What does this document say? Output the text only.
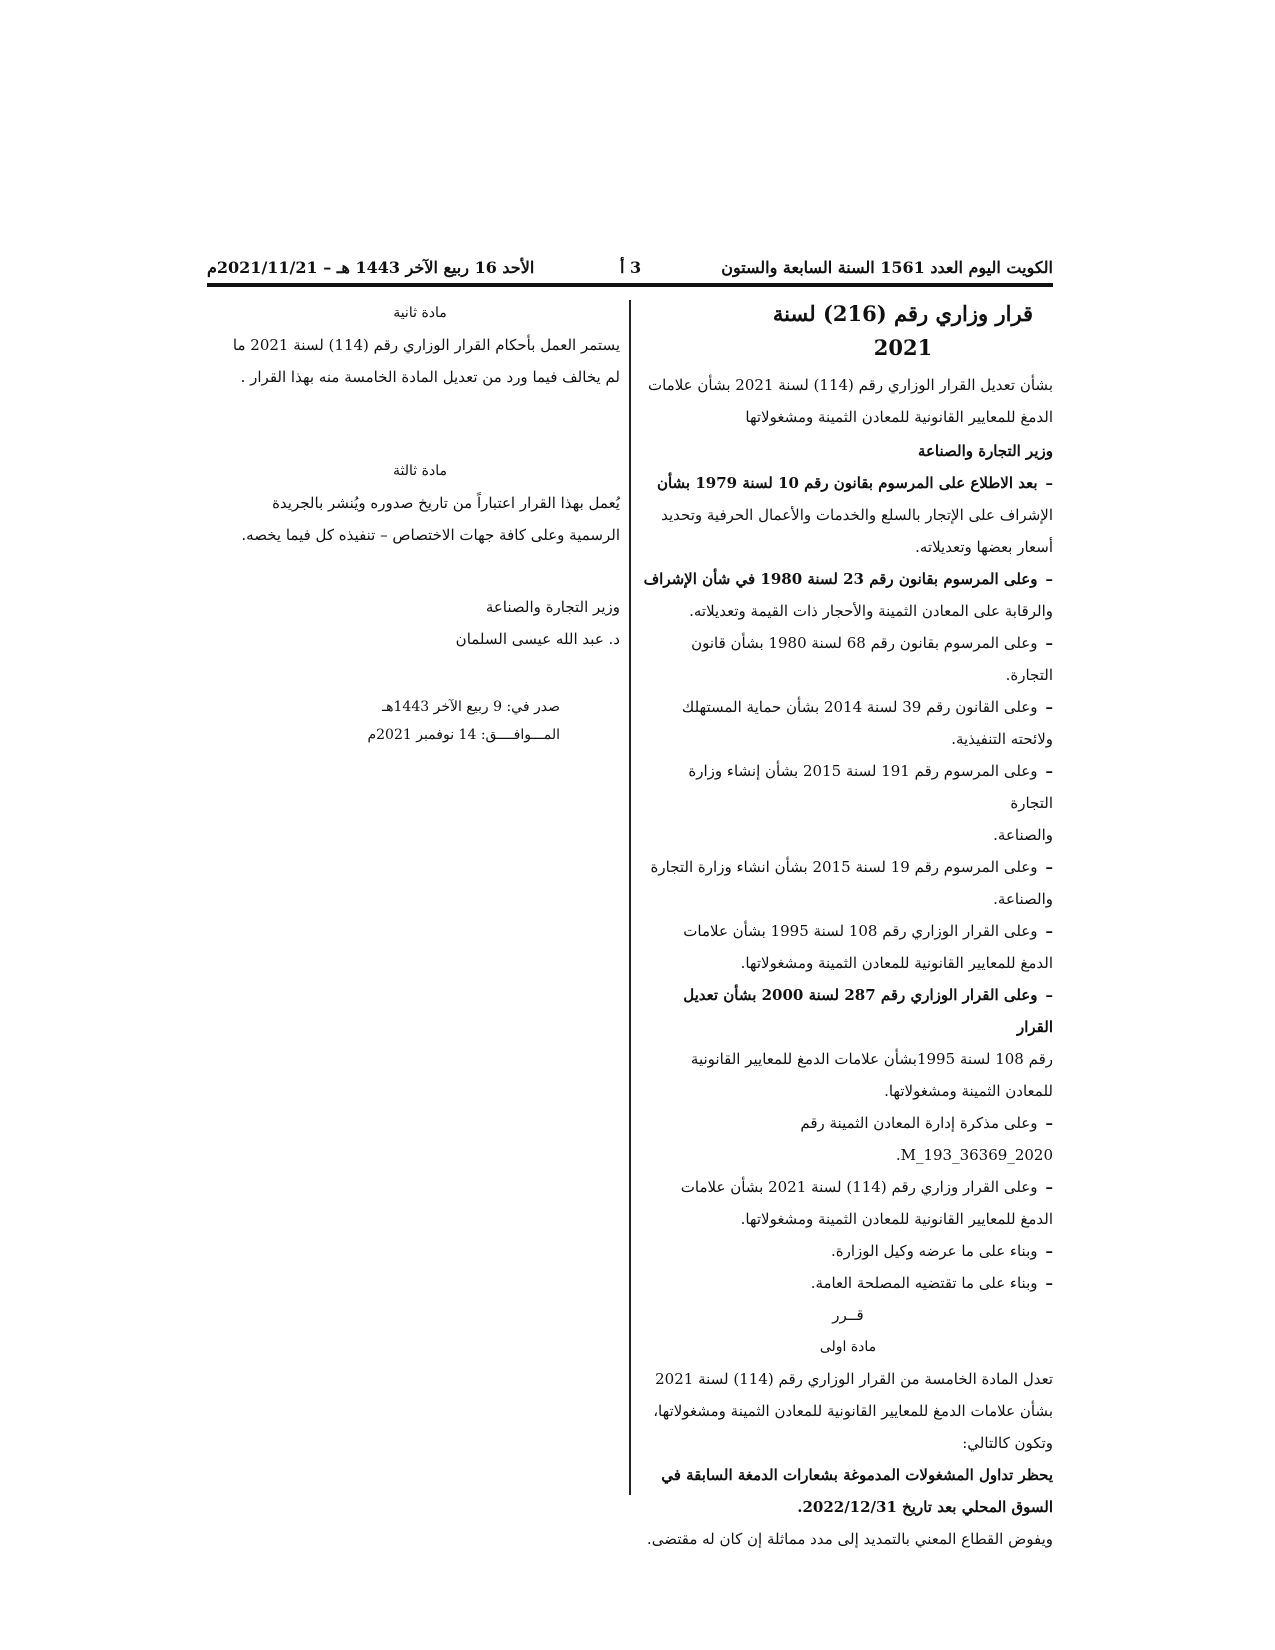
الكويت اليوم العدد 1561 السنة السابعة والستون
3 أ
الأحد 16 ربيع الآخر 1443 هـ – 2021/11/21م

قرار وزاري رقم (216) لسنة 2021

بشأن تعديل القرار الوزاري رقم (114) لسنة 2021 بشأن علامات
الدمغ للمعايير القانونية للمعادن الثمينة ومشغولاتها

وزير التجارة والصناعة

–بعد الاطلاع على المرسوم بقانون رقم 10 لسنة 1979 بشأن
الإشراف على الإتجار بالسلع والخدمات والأعمال الحرفية وتحديد أسعار بعضها وتعديلاته.

–وعلى المرسوم بقانون رقم 23 لسنة 1980 في شأن الإشراف
والرقابة على المعادن الثمينة والأحجار ذات القيمة وتعديلاته.

–وعلى المرسوم بقانون رقم 68 لسنة 1980 بشأن قانون التجارة.

–وعلى القانون رقم 39 لسنة 2014 بشأن حماية المستهلك
ولائحته التنفيذية.

–وعلى المرسوم رقم 191 لسنة 2015 بشأن إنشاء وزارة التجارة
والصناعة.

–وعلى المرسوم رقم 19 لسنة 2015 بشأن انشاء وزارة التجارة
والصناعة.

–وعلى القرار الوزاري رقم 108 لسنة 1995 بشأن علامات
الدمغ للمعايير القانونية للمعادن الثمينة ومشغولاتها.

–وعلى القرار الوزاري رقم 287 لسنة 2000 بشأن تعديل القرار
رقم 108 لسنة 1995بشأن علامات الدمغ للمعايير القانونية للمعادن الثمينة ومشغولاتها.

–وعلى مذكرة إدارة المعادن الثمينة رقم
M_193_36369_2020.

–وعلى القرار وزاري رقم (114) لسنة 2021 بشأن علامات
الدمغ للمعايير القانونية للمعادن الثمينة ومشغولاتها.

–وبناء على ما عرضه وكيل الوزارة.

–وبناء على ما تقتضيه المصلحة العامة.

قــرر

مادة اولى

تعدل المادة الخامسة من القرار الوزاري رقم (114) لسنة 2021 بشأن علامات الدمغ للمعايير القانونية للمعادن الثمينة ومشغولاتها، وتكون كالتالي:

يحظر تداول المشغولات المدموغة بشعارات الدمغة السابقة في السوق المحلي بعد تاريخ 2022/12/31.

ويفوض القطاع المعني بالتمديد إلى مدد مماثلة إن كان له مقتضى.

مادة ثانية

يستمر العمل بأحكام القرار الوزاري رقم (114) لسنة 2021 ما لم يخالف فيما ورد من تعديل المادة الخامسة منه بهذا القرار .

مادة ثالثة

يُعمل بهذا القرار اعتباراً من تاريخ صدوره ويُنشر بالجريدة الرسمية وعلى كافة جهات الاختصاص – تنفيذه كل فيما يخصه.

وزير التجارة والصناعة

د. عبد الله عيسى السلمان

صدر في: 9 ربيع الآخر 1443هـ

المـــوافــــق: 14 نوفمبر 2021م
